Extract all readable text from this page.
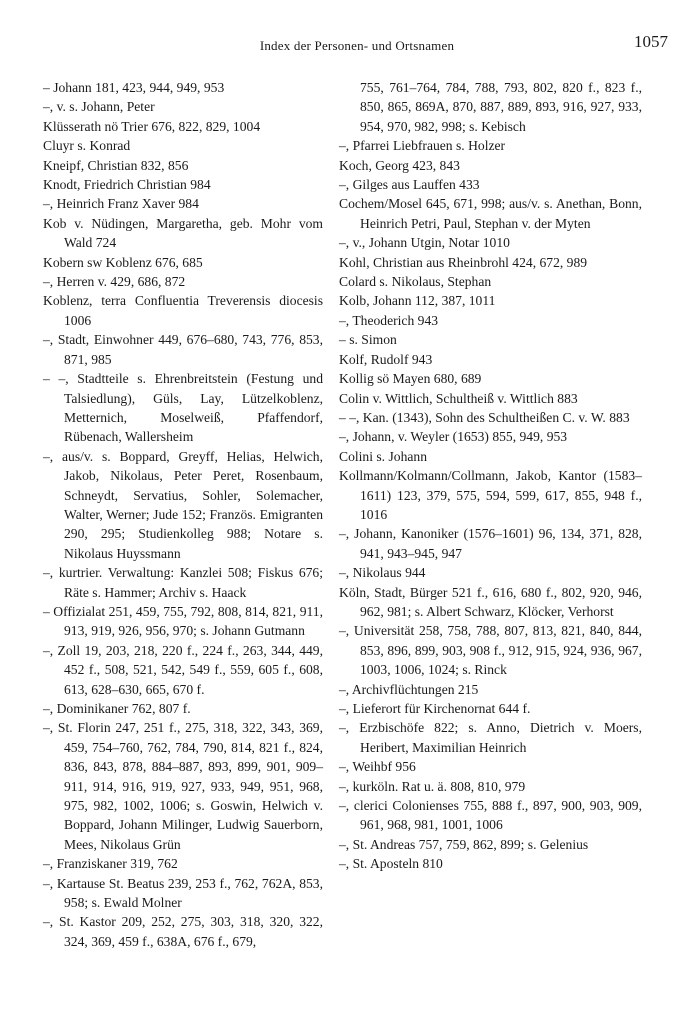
Index der Personen- und Ortsnamen	1057

– Johann 181, 423, 944, 949, 953

–, v. s. Johann, Peter

Klüsserath nö Trier 676, 822, 829, 1004

Cluyr s. Konrad

Kneipf, Christian 832, 856

Knodt, Friedrich Christian 984

–, Heinrich Franz Xaver 984

Kob v. Nüdingen, Margaretha, geb. Mohr vom Wald 724

Kobern sw Koblenz 676, 685

–, Herren v. 429, 686, 872

Koblenz, terra Confluentia Treverensis diocesis 1006

–, Stadt, Einwohner 449, 676–680, 743, 776, 853, 871, 985

– –, Stadtteile s. Ehrenbreitstein (Festung und Talsiedlung), Güls, Lay, Lützelkoblenz, Metternich, Moselweiß, Pfaffendorf, Rübenach, Wallersheim

–, aus/v. s. Boppard, Greyff, Helias, Helwich, Jakob, Nikolaus, Peter Peret, Rosenbaum, Schneydt, Servatius, Sohler, Solemacher, Walter, Werner; Jude 152; Französ. Emigranten 290, 295; Studienkolleg 988; Notare s. Nikolaus Huyssmann

–, kurtrier. Verwaltung: Kanzlei 508; Fiskus 676; Räte s. Hammer; Archiv s. Haack

– Offizialat 251, 459, 755, 792, 808, 814, 821, 911, 913, 919, 926, 956, 970; s. Johann Gutmann

–, Zoll 19, 203, 218, 220 f., 224 f., 263, 344, 449, 452 f., 508, 521, 542, 549 f., 559, 605 f., 608, 613, 628–630, 665, 670 f.

–, Dominikaner 762, 807 f.

–, St. Florin 247, 251 f., 275, 318, 322, 343, 369, 459, 754–760, 762, 784, 790, 814, 821 f., 824, 836, 843, 878, 884–887, 893, 899, 901, 909–911, 914, 916, 919, 927, 933, 949, 951, 968, 975, 982, 1002, 1006; s. Goswin, Helwich v. Boppard, Johann Milinger, Ludwig Sauerborn, Mees, Nikolaus Grün

–, Franziskaner 319, 762

–, Kartause St. Beatus 239, 253 f., 762, 762A, 853, 958; s. Ewald Molner

–, St. Kastor 209, 252, 275, 303, 318, 320, 322, 324, 369, 459 f., 638A, 676 f., 679,

755, 761–764, 784, 788, 793, 802, 820 f., 823 f., 850, 865, 869A, 870, 887, 889, 893, 916, 927, 933, 954, 970, 982, 998; s. Kebisch

–, Pfarrei Liebfrauen s. Holzer

Koch, Georg 423, 843

–, Gilges aus Lauffen 433

Cochem/Mosel 645, 671, 998; aus/v. s. Anethan, Bonn, Heinrich Petri, Paul, Stephan v. der Myten

–, v., Johann Utgin, Notar 1010

Kohl, Christian aus Rheinbrohl 424, 672, 989

Colard s. Nikolaus, Stephan

Kolb, Johann 112, 387, 1011

–, Theoderich 943

– s. Simon

Kolf, Rudolf 943

Kollig sö Mayen 680, 689

Colin v. Wittlich, Schultheiß v. Wittlich 883

– –, Kan. (1343), Sohn des Schultheißen C. v. W. 883

–, Johann, v. Weyler (1653) 855, 949, 953

Colini s. Johann

Kollmann/Kolmann/Collmann, Jakob, Kantor (1583–1611) 123, 379, 575, 594, 599, 617, 855, 948 f., 1016

–, Johann, Kanoniker (1576–1601) 96, 134, 371, 828, 941, 943–945, 947

–, Nikolaus 944

Köln, Stadt, Bürger 521 f., 616, 680 f., 802, 920, 946, 962, 981; s. Albert Schwarz, Klöcker, Verhorst

–, Universität 258, 758, 788, 807, 813, 821, 840, 844, 853, 896, 899, 903, 908 f., 912, 915, 924, 936, 967, 1003, 1006, 1024; s. Rinck

–, Archivflüchtungen 215

–, Lieferort für Kirchenornat 644 f.

–, Erzbischöfe 822; s. Anno, Dietrich v. Moers, Heribert, Maximilian Heinrich

–, Weihbf 956

–, kurköln. Rat u. ä. 808, 810, 979

–, clerici Colonienses 755, 888 f., 897, 900, 903, 909, 961, 968, 981, 1001, 1006

–, St. Andreas 757, 759, 862, 899; s. Gelenius

–, St. Aposteln 810
